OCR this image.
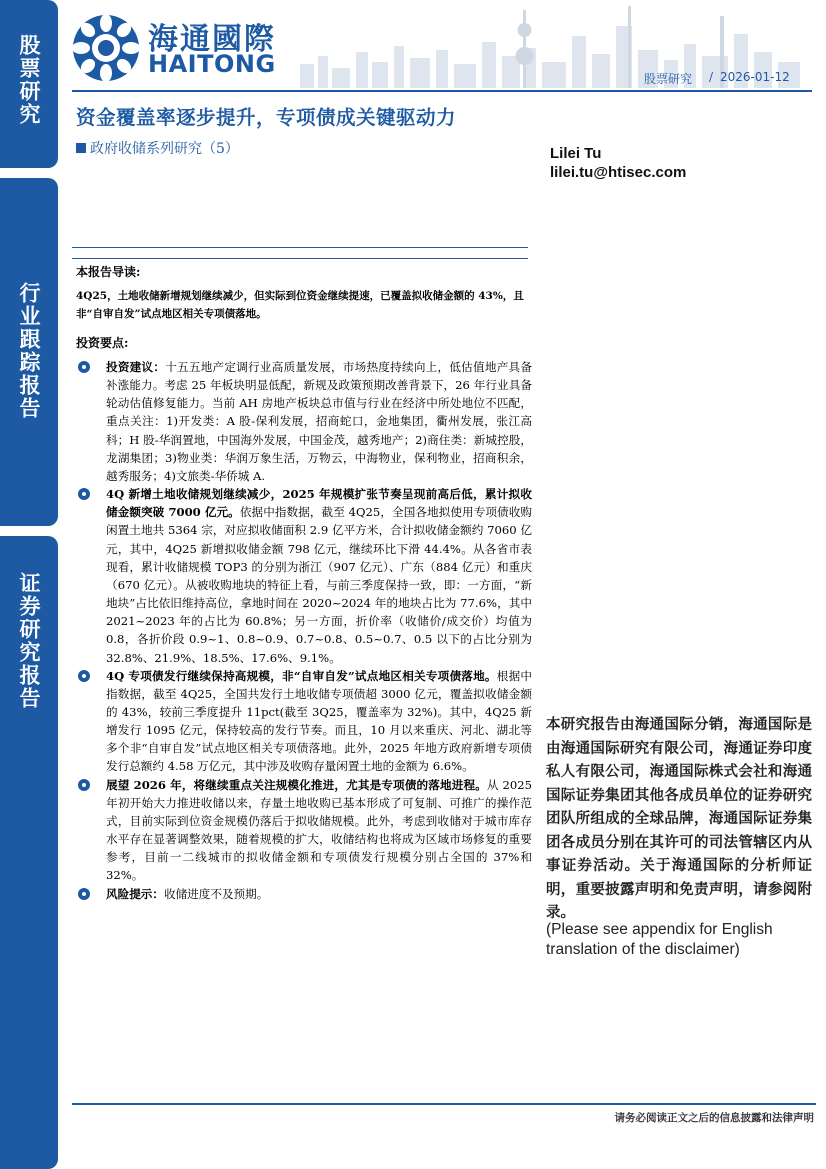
股票研究
行业跟踪报告
证券研究报告
海通國際
HAITONG
股票研究 / 2026-01-12
资金覆盖率逐步提升，专项债成关键驱动力
政府收储系列研究（5）	Lilei Tu
lilei.tu@htisec.com
本报告导读:
4Q25，土地收储新增规划继续减少，但实际到位资金继续提速，已覆盖拟收储金额的 43%，且非“自审自发”试点地区相关专项债落地。
投资要点:
投资建议：十五五地产定调行业高质量发展，市场热度持续向上，低估值地产具备补涨能力。考虑 25 年板块明显低配，新规及政策预期改善背景下，26 年行业具备轮动估值修复能力。当前 AH 房地产板块总市值与行业在经济中所处地位不匹配，重点关注：1)开发类：A 股-保利发展，招商蛇口，金地集团，衢州发展，张江高科；H 股-华润置地，中国海外发展，中国金茂，越秀地产；2)商住类：新城控股，龙湖集团；3)物业类：华润万象生活，万物云，中海物业，保利物业，招商积余，越秀服务；4)文旅类-华侨城 A.
4Q 新增土地收储规划继续减少，2025 年规模扩张节奏呈现前高后低，累计拟收储金额突破 7000 亿元。依据中指数据，截至 4Q25，全国各地拟使用专项债收购闲置土地共 5364 宗，对应拟收储面积 2.9 亿平方米，合计拟收储金额约 7060 亿元，其中，4Q25 新增拟收储金额 798 亿元，继续环比下滑 44.4%。从各省市表现看，累计收储规模 TOP3 的分别为浙江（907 亿元）、广东（884 亿元）和重庆（670 亿元）。从被收购地块的特征上看，与前三季度保持一致，即：一方面，“新地块”占比依旧维持高位，拿地时间在 2020~2024 年的地块占比为 77.6%，其中 2021~2023 年的占比为 60.8%；另一方面，折价率（收储价/成交价）均值为 0.8，各折价段 0.9~1、0.8~0.9、0.7~0.8、0.5~0.7、0.5 以下的占比分别为 32.8%、21.9%、18.5%、17.6%、9.1%。
4Q 专项债发行继续保持高规模，非“自审自发”试点地区相关专项债落地。根据中指数据，截至 4Q25，全国共发行土地收储专项债超 3000 亿元，覆盖拟收储金额的 43%，较前三季度提升 11pct(截至 3Q25，覆盖率为 32%)。其中，4Q25 新增发行 1095 亿元，保持较高的发行节奏。而且，10 月以来重庆、河北、湖北等多个非“自审自发”试点地区相关专项债落地。此外，2025 年地方政府新增专项债发行总额约 4.58 万亿元，其中涉及收购存量闲置土地的金额为 6.6%。
展望 2026 年，将继续重点关注规模化推进，尤其是专项债的落地进程。从 2025 年初开始大力推进收储以来，存量土地收购已基本形成了可复制、可推广的操作范式，目前实际到位资金规模仍落后于拟收储规模。此外，考虑到收储对于城市库存水平存在显著调整效果，随着规模的扩大，收储结构也将成为区域市场修复的重要参考，目前一二线城市的拟收储金额和专项债发行规模分别占全国的 37%和 32%。
风险提示：收储进度不及预期。
本研究报告由海通国际分销，海通国际是由海通国际研究有限公司，海通证券印度私人有限公司，海通国际株式会社和海通国际证券集团其他各成员单位的证券研究团队所组成的全球品牌，海通国际证券集团各成员分别在其许可的司法管辖区内从事证券活动。关于海通国际的分析师证明，重要披露声明和免责声明，请参阅附录。
(Please see appendix for English translation of the disclaimer)
请务必阅读正文之后的信息披露和法律声明
